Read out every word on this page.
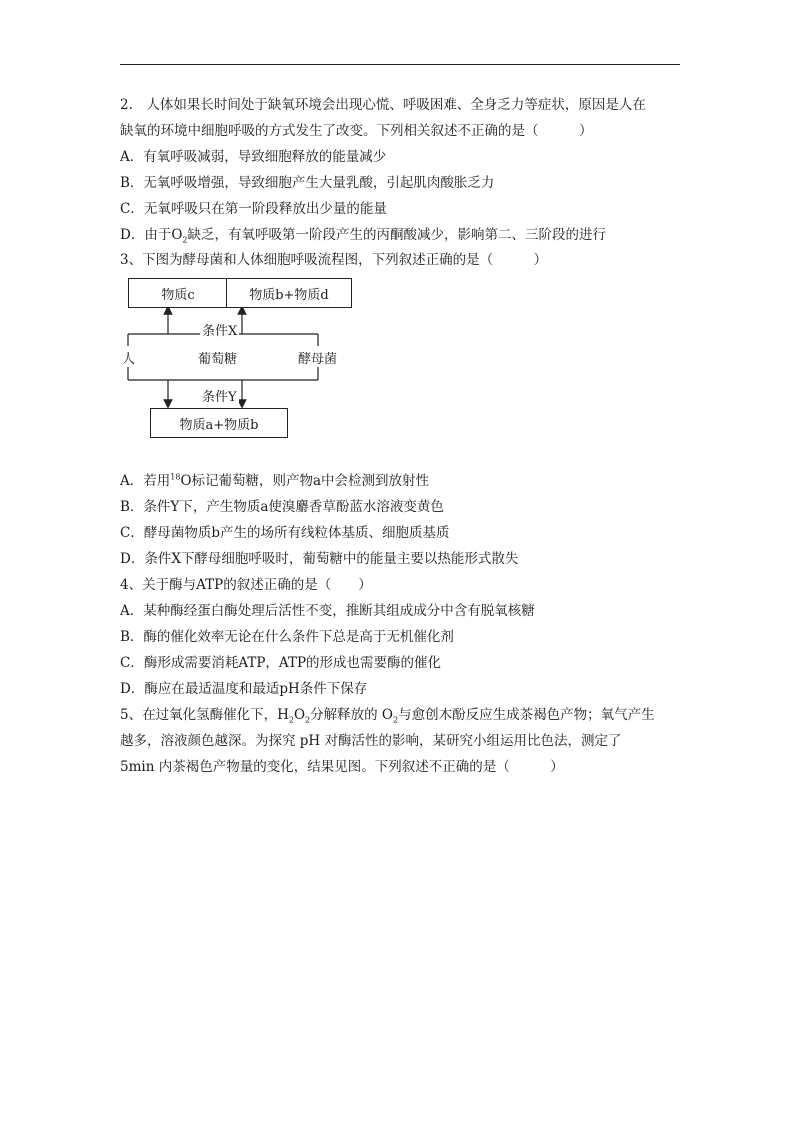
2.　人体如果长时间处于缺氧环境会出现心慌、呼吸困难、全身乏力等症状，原因是人在
缺氧的环境中细胞呼吸的方式发生了改变。下列相关叙述不正确的是（　　　）
A．有氧呼吸减弱，导致细胞释放的能量减少
B．无氧呼吸增强，导致细胞产生大量乳酸，引起肌肉酸胀乏力
C．无氧呼吸只在第一阶段释放出少量的能量
D．由于$O_2$缺乏，有氧呼吸第一阶段产生的丙酮酸减少，影响第二、三阶段的进行
3、下图为酵母菌和人体细胞呼吸流程图，下列叙述正确的是（　　　）
物质c	物质b+物质d
条件X
人	葡萄糖	酵母菌
条件Y
物质a+物质b
A．若用$^{18}$O标记葡萄糖，则产物a中会检测到放射性
B．条件Y下，产生物质a使溴麝香草酚蓝水溶液变黄色
C．酵母菌物质b产生的场所有线粒体基质、细胞质基质
D．条件X下酵母细胞呼吸时，葡萄糖中的能量主要以热能形式散失
4、关于酶与ATP的叙述正确的是（　　）
A．某种酶经蛋白酶处理后活性不变，推断其组成成分中含有脱氧核糖
B．酶的催化效率无论在什么条件下总是高于无机催化剂
C．酶形成需要消耗ATP，ATP的形成也需要酶的催化
D．酶应在最适温度和最适pH条件下保存
5、在过氧化氢酶催化下，$H_2O_2$分解释放的 $O_2$与愈创木酚反应生成茶褐色产物；氧气产生
越多，溶液颜色越深。为探究 pH 对酶活性的影响，某研究小组运用比色法，测定了
5min 内茶褐色产物量的变化，结果见图。下列叙述不正确的是（　　　）
